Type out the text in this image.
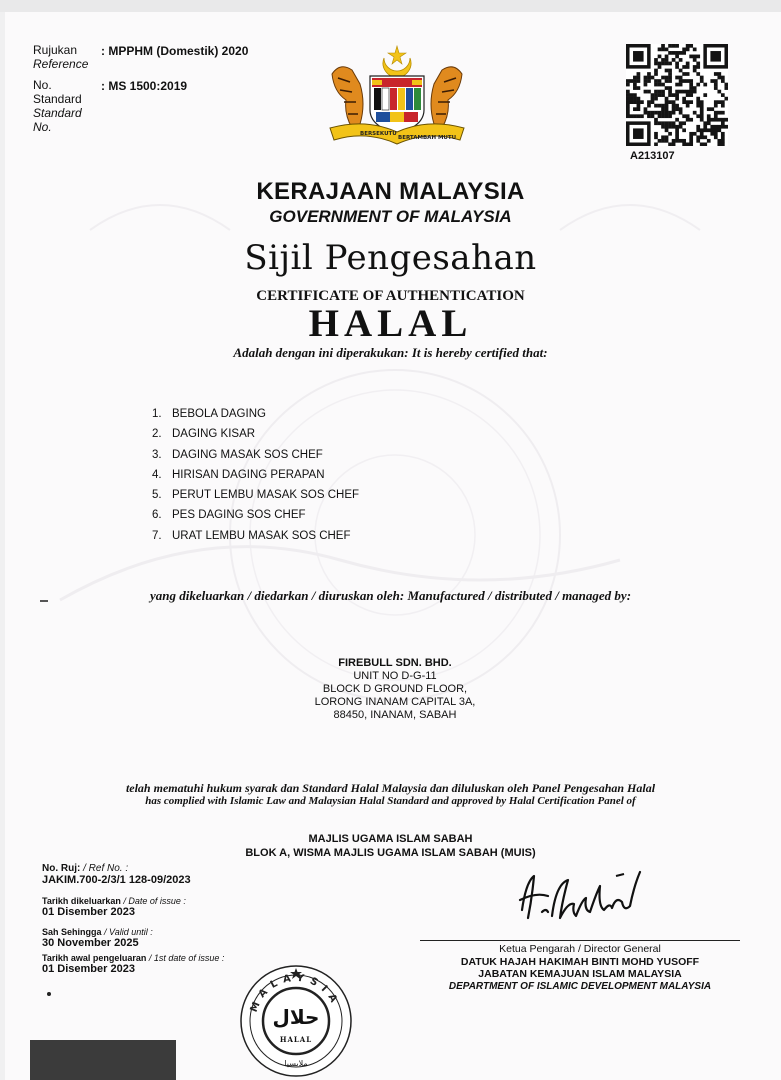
Rujukan
Reference
: MPPHM (Domestik) 2020
No.
Standard
Standard
No.
: MS 1500:2019
A213107
BERSEKUTU
BERTAMBAH MUTU
KERAJAAN MALAYSIA
GOVERNMENT OF MALAYSIA
Sijil Pengesahan
CERTIFICATE OF AUTHENTICATION
HALAL
Adalah dengan ini diperakukan: It is hereby certified that:
1. BEBOLA DAGING
2. DAGING KISAR
3. DAGING MASAK SOS CHEF
4. HIRISAN DAGING PERAPAN
5. PERUT LEMBU MASAK SOS CHEF
6. PES DAGING SOS CHEF
7. URAT LEMBU MASAK SOS CHEF
yang dikeluarkan / diedarkan / diuruskan oleh: Manufactured / distributed / managed by:
FIREBULL SDN. BHD.
UNIT NO D-G-11
BLOCK D GROUND FLOOR,
LORONG INANAM CAPITAL 3A,
88450, INANAM, SABAH
telah mematuhi hukum syarak dan Standard Halal Malaysia dan diluluskan oleh Panel Pengesahan Halal
has complied with Islamic Law and Malaysian Halal Standard and approved by Halal Certification Panel of
MAJLIS UGAMA ISLAM SABAH
BLOK A, WISMA MAJLIS UGAMA ISLAM SABAH (MUIS)
No. Ruj: / Ref No. :
JAKIM.700-2/3/1 128-09/2023
Tarikh dikeluarkan / Date of issue :
01 Disember 2023
Sah Sehingga / Valid until :
30 November 2025
Tarikh awal pengeluaran / 1st date of issue :
01 Disember 2023
Ketua Pengarah / Director General
DATUK HAJAH HAKIMAH BINTI MOHD YUSOFF
JABATAN KEMAJUAN ISLAM MALAYSIA
DEPARTMENT OF ISLAMIC DEVELOPMENT MALAYSIA
MALAYSIA
حلال
HALAL
ملايسيا
